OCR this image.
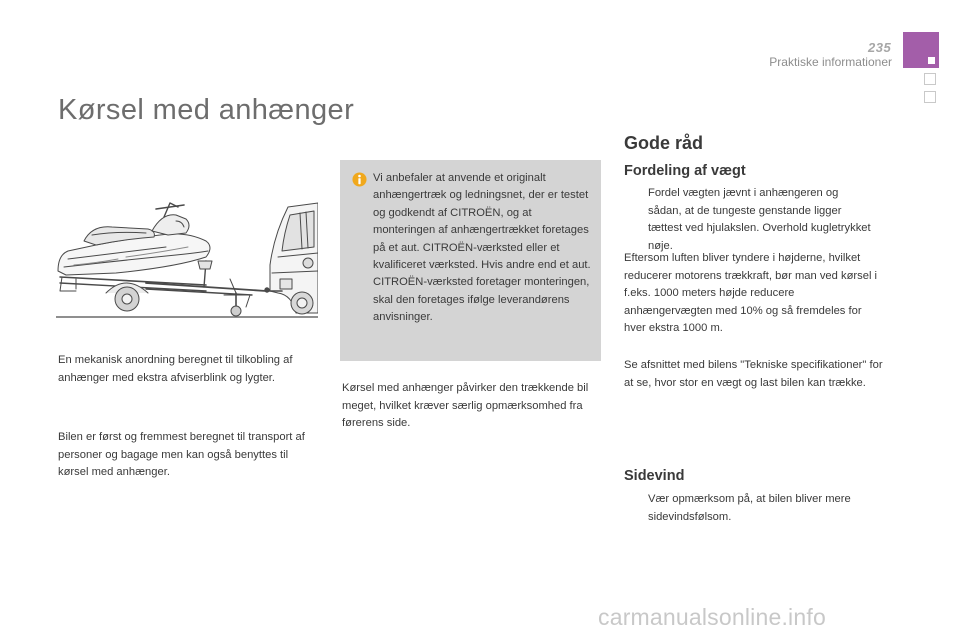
235
Praktiske informationer
Kørsel med anhænger

En mekanisk anordning beregnet til tilkobling af anhænger med ekstra afviserblink og lygter.

Bilen er først og fremmest beregnet til transport af personer og bagage men kan også benyttes til kørsel med anhænger.

Vi anbefaler at anvende et originalt anhængertræk og ledningsnet, der er testet og godkendt af CITROËN, og at monteringen af anhængertrækket foretages på et aut. CITROËN-værksted eller et kvalificeret værksted. Hvis andre end et aut. CITROËN-værksted foretager monteringen, skal den foretages ifølge leverandørens anvisninger.

Kørsel med anhænger påvirker den trækkende bil meget, hvilket kræver særlig opmærksomhed fra førerens side.

Gode råd
Fordeling af vægt
Fordel vægten jævnt i anhængeren og sådan, at de tungeste genstande ligger tættest ved hjulakslen. Overhold kugletrykket nøje.

Eftersom luften bliver tyndere i højderne, hvilket reducerer motorens trækkraft, bør man ved kørsel i f.eks. 1000 meters højde reducere anhængervægten med 10% og så fremdeles for hver ekstra 1000 m.

Se afsnittet med bilens "Tekniske specifikationer" for at se, hvor stor en vægt og last bilen kan trække.

Sidevind
Vær opmærksom på, at bilen bliver mere sidevindsfølsom.
carmanualsonline.info
